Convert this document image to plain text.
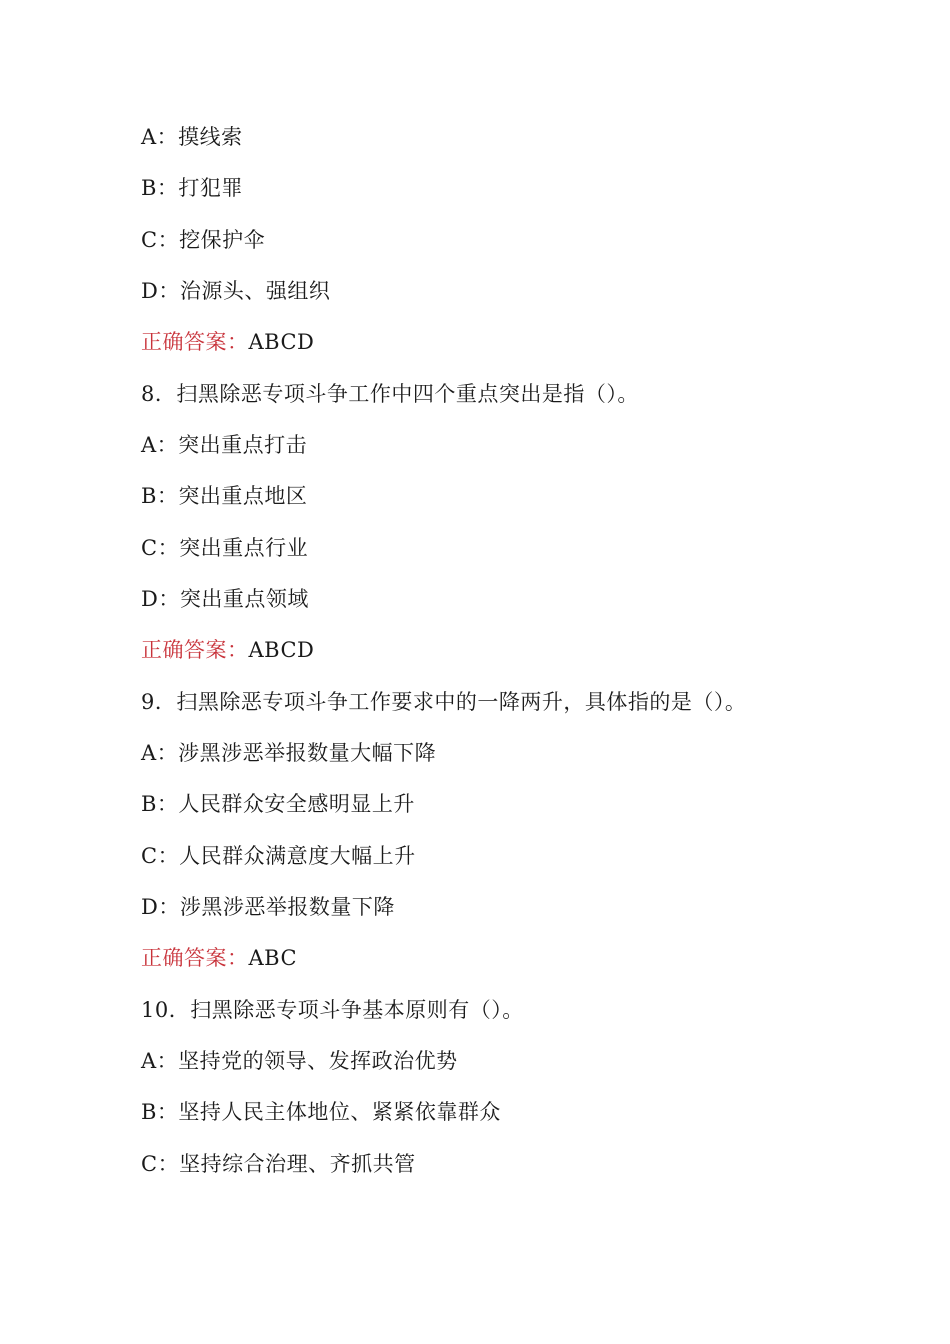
A：摸线索
B：打犯罪
C：挖保护伞
D：治源头、强组织
正确答案：ABCD
8．扫黑除恶专项斗争工作中四个重点突出是指（）。
A：突出重点打击
B：突出重点地区
C：突出重点行业
D：突出重点领域
正确答案：ABCD
9．扫黑除恶专项斗争工作要求中的一降两升，具体指的是（）。
A：涉黑涉恶举报数量大幅下降
B：人民群众安全感明显上升
C：人民群众满意度大幅上升
D：涉黑涉恶举报数量下降
正确答案：ABC
10．扫黑除恶专项斗争基本原则有（）。
A：坚持党的领导、发挥政治优势
B：坚持人民主体地位、紧紧依靠群众
C：坚持综合治理、齐抓共管
